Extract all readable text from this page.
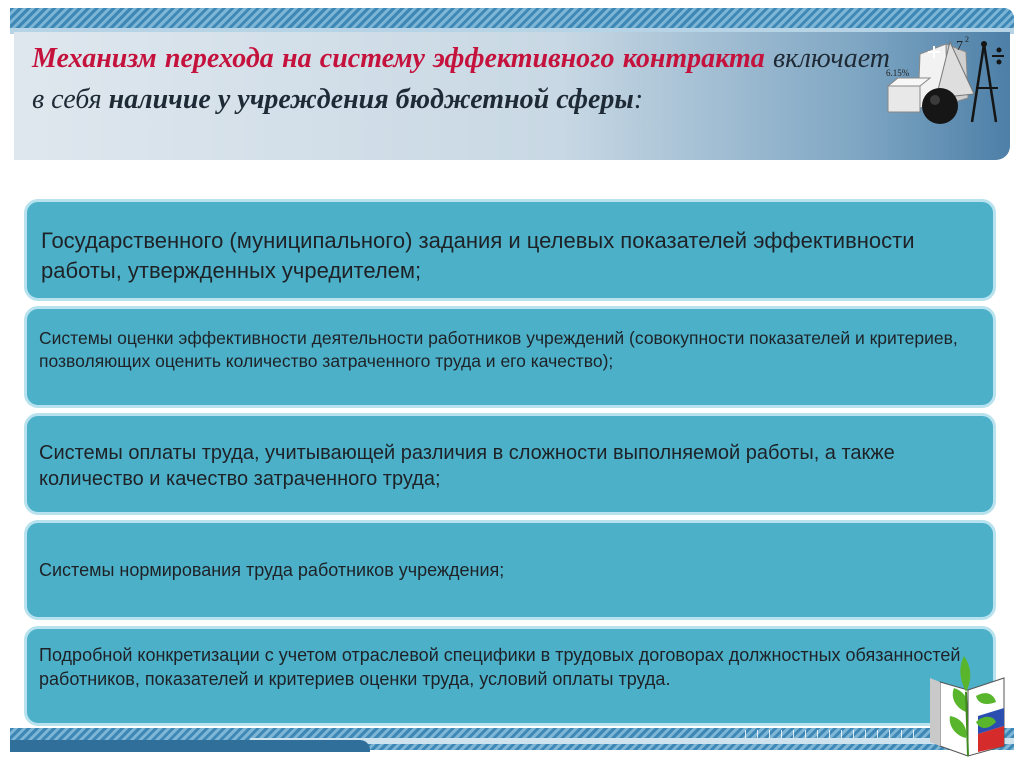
Механизм перехода на систему эффективного контракта включает в себя наличие у учреждения бюджетной сферы:

7 2
6.15%

Государственного (муниципального) задания и целевых показателей эффективности работы, утвержденных учредителем;

Системы оценки эффективности деятельности работников учреждений (совокупности показателей и критериев, позволяющих оценить количество затраченного труда и его качество);

Системы оплаты труда, учитывающей различия в сложности выполняемой работы, а также количество и качество затраченного труда;

Системы нормирования труда работников учреждения;

Подробной конкретизации с учетом отраслевой специфики в трудовых договорах должностных обязанностей работников, показателей и критериев оценки труда, условий оплаты труда.
